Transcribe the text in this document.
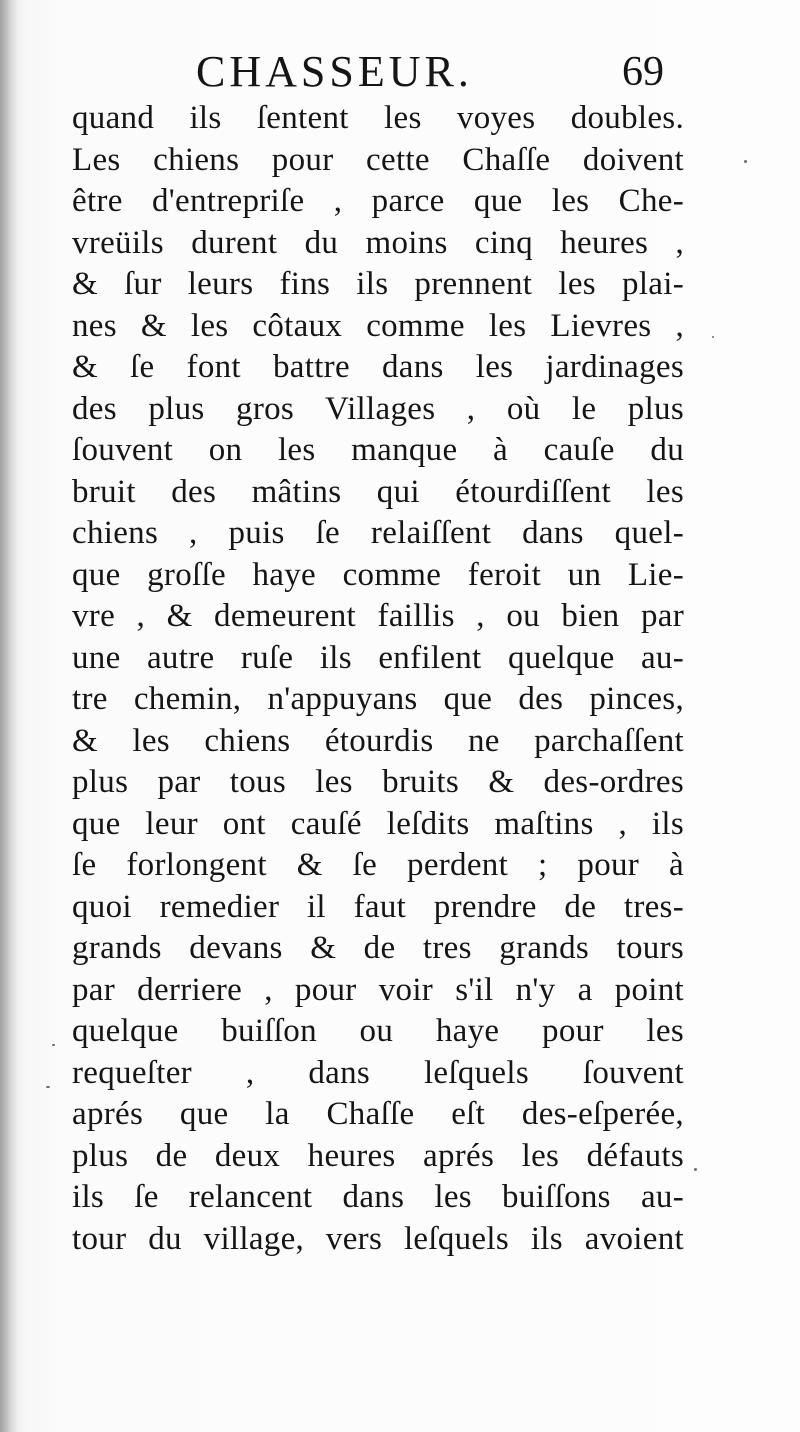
CHASSEUR.	69
quand ils ſentent les voyes doubles.
Les chiens pour cette Chaſſe doivent
être d'entrepriſe , parce que les Che-
vreüils durent du moins cinq heures ,
& ſur leurs fins ils prennent les plai-
nes & les côtaux comme les Lievres ,
& ſe font battre dans les jardinages
des plus gros Villages , où le plus
ſouvent on les manque à cauſe du
bruit des mâtins qui étourdiſſent les
chiens , puis ſe relaiſſent dans quel-
que groſſe haye comme feroit un Lie-
vre , & demeurent faillis , ou bien par
une autre ruſe ils enfilent quelque au-
tre chemin, n'appuyans que des pinces,
& les chiens étourdis ne parchaſſent
plus par tous les bruits & des-ordres
que leur ont cauſé leſdits maſtins , ils
ſe forlongent & ſe perdent ; pour à
quoi remedier il faut prendre de tres-
grands devans & de tres grands tours
par derriere , pour voir s'il n'y a point
quelque buiſſon ou haye pour les
requeſter , dans leſquels ſouvent
aprés que la Chaſſe eſt des-eſperée,
plus de deux heures aprés les défauts
ils ſe relancent dans les buiſſons au-
tour du village, vers leſquels ils avoient
